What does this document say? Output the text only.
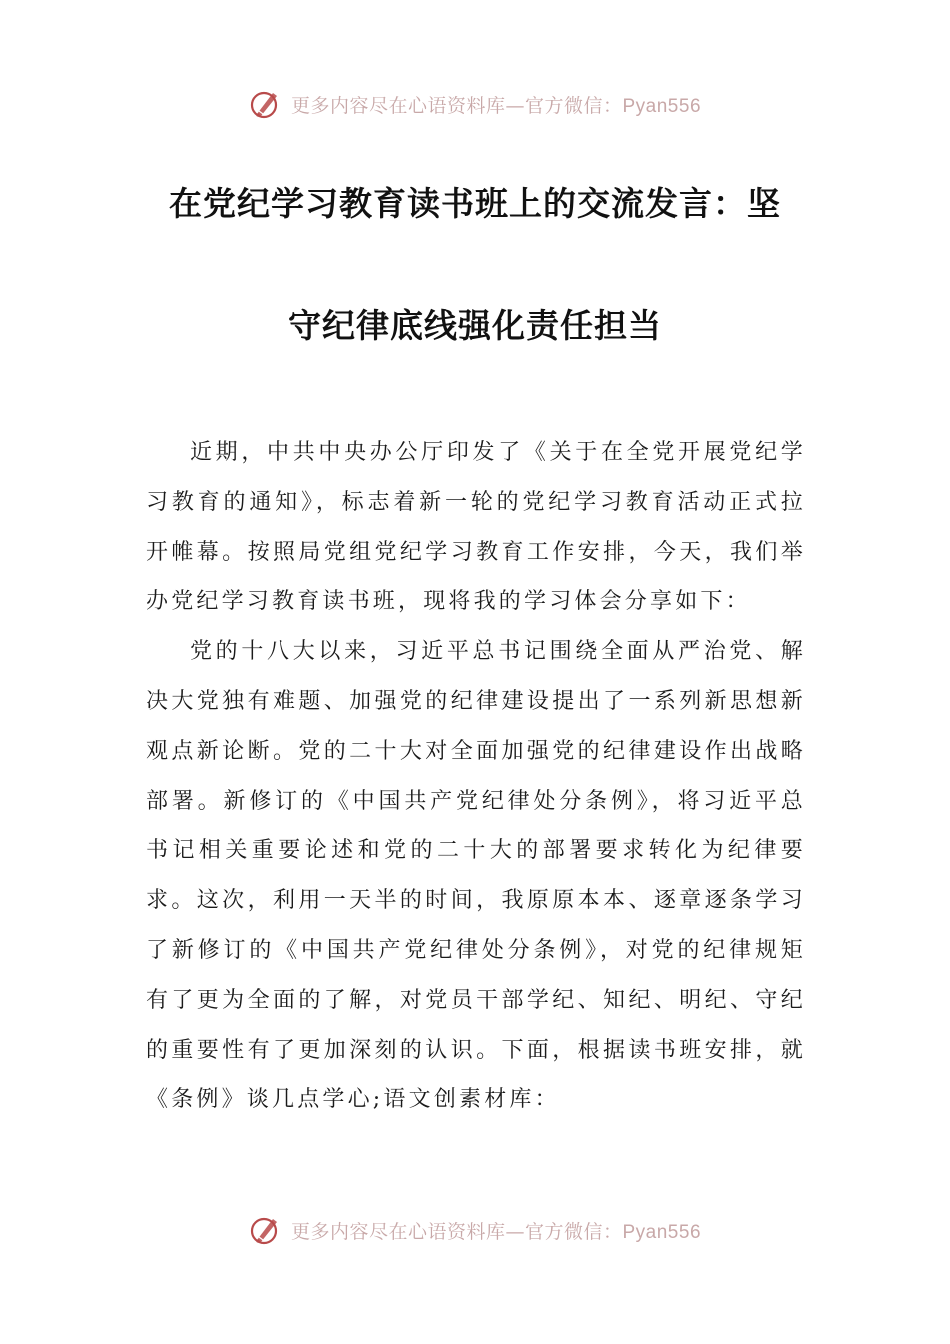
更多内容尽在心语资料库—官方微信：Pyan556
在党纪学习教育读书班上的交流发言：坚
守纪律底线强化责任担当

近期，中共中央办公厅印发了《关于在全党开展党纪学习教育的通知》，标志着新一轮的党纪学习教育活动正式拉开帷幕。按照局党组党纪学习教育工作安排，今天，我们举办党纪学习教育读书班，现将我的学习体会分享如下：

党的十八大以来，习近平总书记围绕全面从严治党、解决大党独有难题、加强党的纪律建设提出了一系列新思想新观点新论断。党的二十大对全面加强党的纪律建设作出战略部署。新修订的《中国共产党纪律处分条例》，将习近平总书记相关重要论述和党的二十大的部署要求转化为纪律要求。这次，利用一天半的时间，我原原本本、逐章逐条学习了新修订的《中国共产党纪律处分条例》，对党的纪律规矩有了更为全面的了解，对党员干部学纪、知纪、明纪、守纪的重要性有了更加深刻的认识。下面，根据读书班安排，就《条例》谈几点学心;语文创素材库：

更多内容尽在心语资料库—官方微信：Pyan556
